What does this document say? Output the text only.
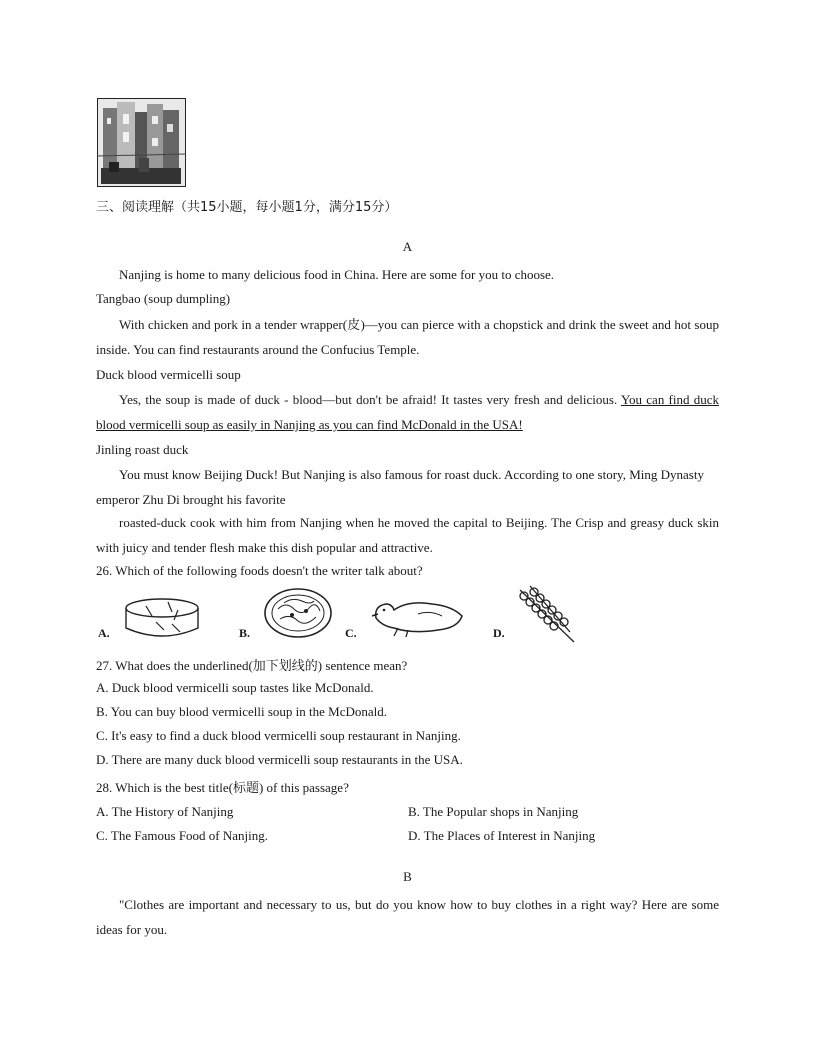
三、阅读理解（共15小题，每小题1分，满分15分）
A
Nanjing is home to many delicious food in China. Here are some for you to choose.
Tangbao (soup dumpling)
With chicken and pork in a tender wrapper(皮)—you can pierce with a chopstick and drink the sweet and hot soup inside. You can find restaurants around the Confucius Temple.
Duck blood vermicelli soup
Yes, the soup is made of duck - blood—but don't be afraid! It tastes very fresh and delicious. You can find duck blood vermicelli soup as easily in Nanjing as you can find McDonald in the USA!
Jinling roast duck
You must know Beijing Duck! But Nanjing is also famous for roast duck. According to one story, Ming Dynasty emperor Zhu Di brought his favorite
roasted-duck cook with him from Nanjing when he moved the capital to Beijing. The Crisp and greasy duck skin with juicy and tender flesh make this dish popular and attractive.
26. Which of the following foods doesn't the writer talk about?
A.	B.	C.	D.
27. What does the underlined(加下划线的) sentence mean?
A. Duck blood vermicelli soup tastes like McDonald.
B. You can buy blood vermicelli soup in the McDonald.
C. It's easy to find a duck blood vermicelli soup restaurant in Nanjing.
D. There are many duck blood vermicelli soup restaurants in the USA.
28. Which is the best title(标题) of this passage?
A. The History of Nanjing	B. The Popular shops in Nanjing
C. The Famous Food of Nanjing.	D. The Places of Interest in Nanjing
B
"Clothes are important and necessary to us, but do you know how to buy clothes in a right way? Here are some ideas for you.
